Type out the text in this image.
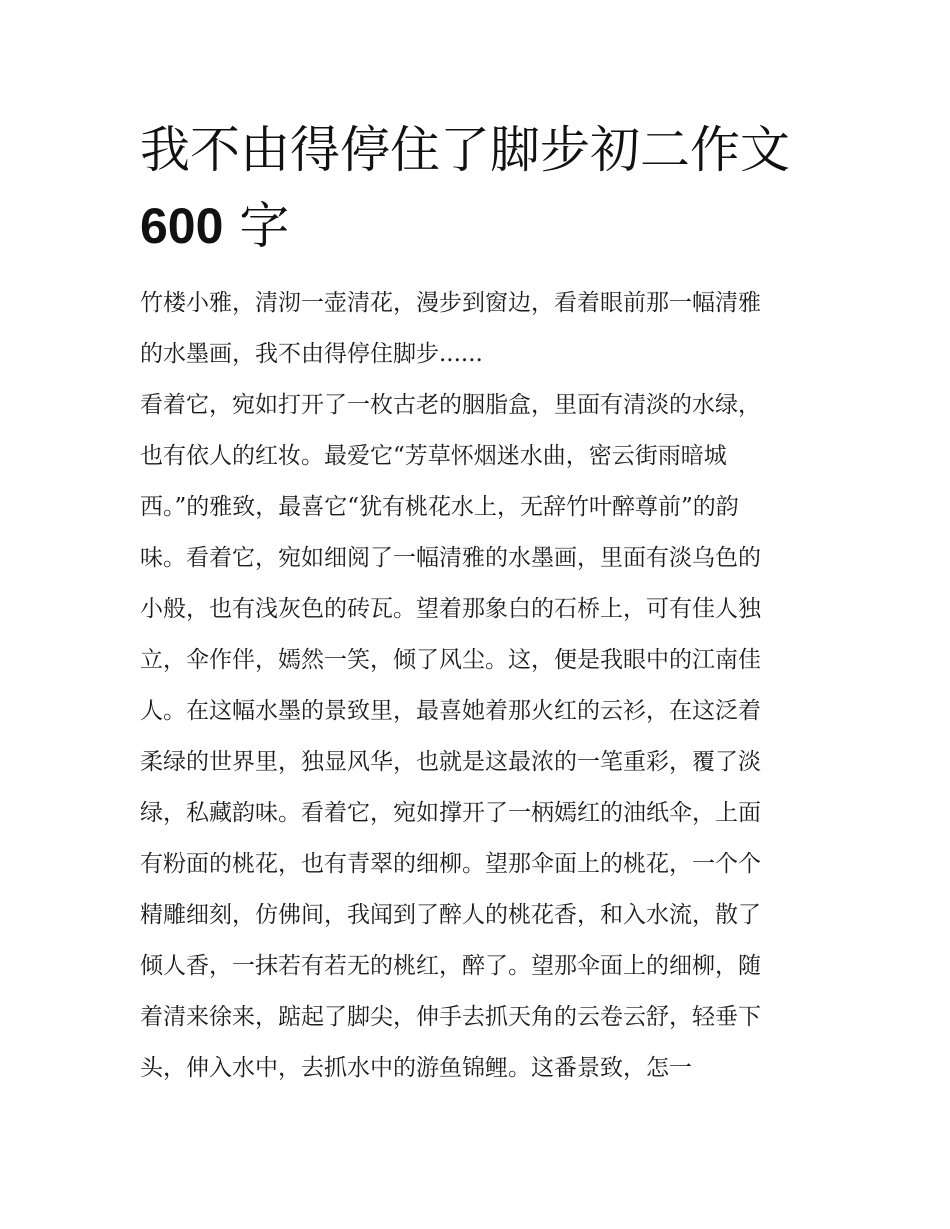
我不由得停住了脚步初二作文
600 字
竹楼小雅，清沏一壶清花，漫步到窗边，看着眼前那一幅清雅
的水墨画，我不由得停住脚步......
看着它，宛如打开了一枚古老的胭脂盒，里面有清淡的水绿，
也有依人的红妆。最爱它“芳草怀烟迷水曲，密云街雨暗城
西。”的雅致，最喜它“犹有桃花水上，无辞竹叶醉尊前”的韵
味。看着它，宛如细阅了一幅清雅的水墨画，里面有淡乌色的
小般，也有浅灰色的砖瓦。望着那象白的石桥上，可有佳人独
立，伞作伴，嫣然一笑，倾了风尘。这，便是我眼中的江南佳
人。在这幅水墨的景致里，最喜她着那火红的云衫，在这泛着
柔绿的世界里，独显风华，也就是这最浓的一笔重彩，覆了淡
绿，私藏韵味。看着它，宛如撑开了一柄嫣红的油纸伞，上面
有粉面的桃花，也有青翠的细柳。望那伞面上的桃花，一个个
精雕细刻，仿佛间，我闻到了醉人的桃花香，和入水流，散了
倾人香，一抹若有若无的桃红，醉了。望那伞面上的细柳，随
着清来徐来，踮起了脚尖，伸手去抓天角的云卷云舒，轻垂下
头，伸入水中，去抓水中的游鱼锦鲤。这番景致，怎一
